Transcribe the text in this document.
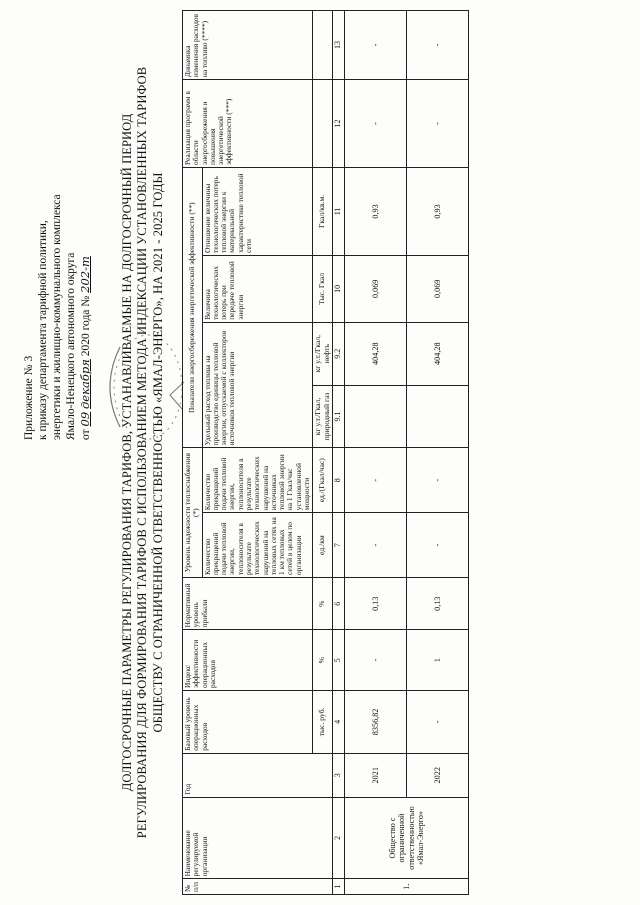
Приложение № 3 к приказу департамента тарифной политики, энергетики и жилищно-коммунального комплекса Ямало-Ненецкого автономного округа от 09 декабря 2020 года № 202-т ДОЛГОСРОЧНЫЕ ПАРАМЕТРЫ РЕГУЛИРОВАНИЯ ТАРИФОВ, УСТАНАВЛИВАЕМЫЕ НА ДОЛГОСРОЧНЫЙ ПЕРИОД РЕГУЛИРОВАНИЯ ДЛЯ ФОРМИРОВАНИЯ ТАРИФОВ С ИСПОЛЬЗОВАНИЕМ МЕТОДА ИНДЕКСАЦИИ УСТАНОВЛЕННЫХ ТАРИФОВ ОБЩЕСТВУ С ОГРАНИЧЕННОЙ ОТВЕТСТВЕННОСТЬЮ «ЯМАЛ-ЭНЕРГО», НА 2021 - 2025 ГОДЫ
№ п/п	Наименование регулируемой организации	Год	Базовый уровень операционных расходов	Индекс эффективности операционных расходов	Нормативный уровень прибыли	Уровень надежности теплоснабжения (*)		Показатели энергосбережения энергетической эффективности (**)				Реализация программ в области энергосбережения и повышения энергетической эффективности (***)	Динамика изменения расходов на топливо (****)
						Количество прекращений подачи тепловой энергии, теплоносителя в результате технологических нарушений на тепловых сетях на 1 км тепловых сетей в целом по организации	Количество прекращений подачи тепловой энергии, теплоносителя в результате технологических нарушений на источниках тепловой энергии на 1 Гкал/час установленной мощности	Удельный расход топлива на производство единицы тепловой энергии, отпускаемой с коллекторов источников тепловой энергии		Величина технологических потерь при передаче тепловой энергии	Отношение величины технологических потерь тепловой энергии к материальной характеристике тепловой сети		
			тыс. руб.	%	%	ед./км	ед./(Гкал/час)	кг у.т./Гкал, природный газ	кг у.т./Гкал, нефть	Тыс. Гкал	Гкал/кв.м.		
1	2	3	4	5	6	7	8	9.1	9.2	10	11	12	13
1.	Общество с ограниченной ответственностью «Ямал-Энерго»	2021	8356,82	-	0,13	-	-		404,28	0,069	0,93	-	-
		2022	-	1	0,13	-	-		404,28	0,069	0,93	-	-
